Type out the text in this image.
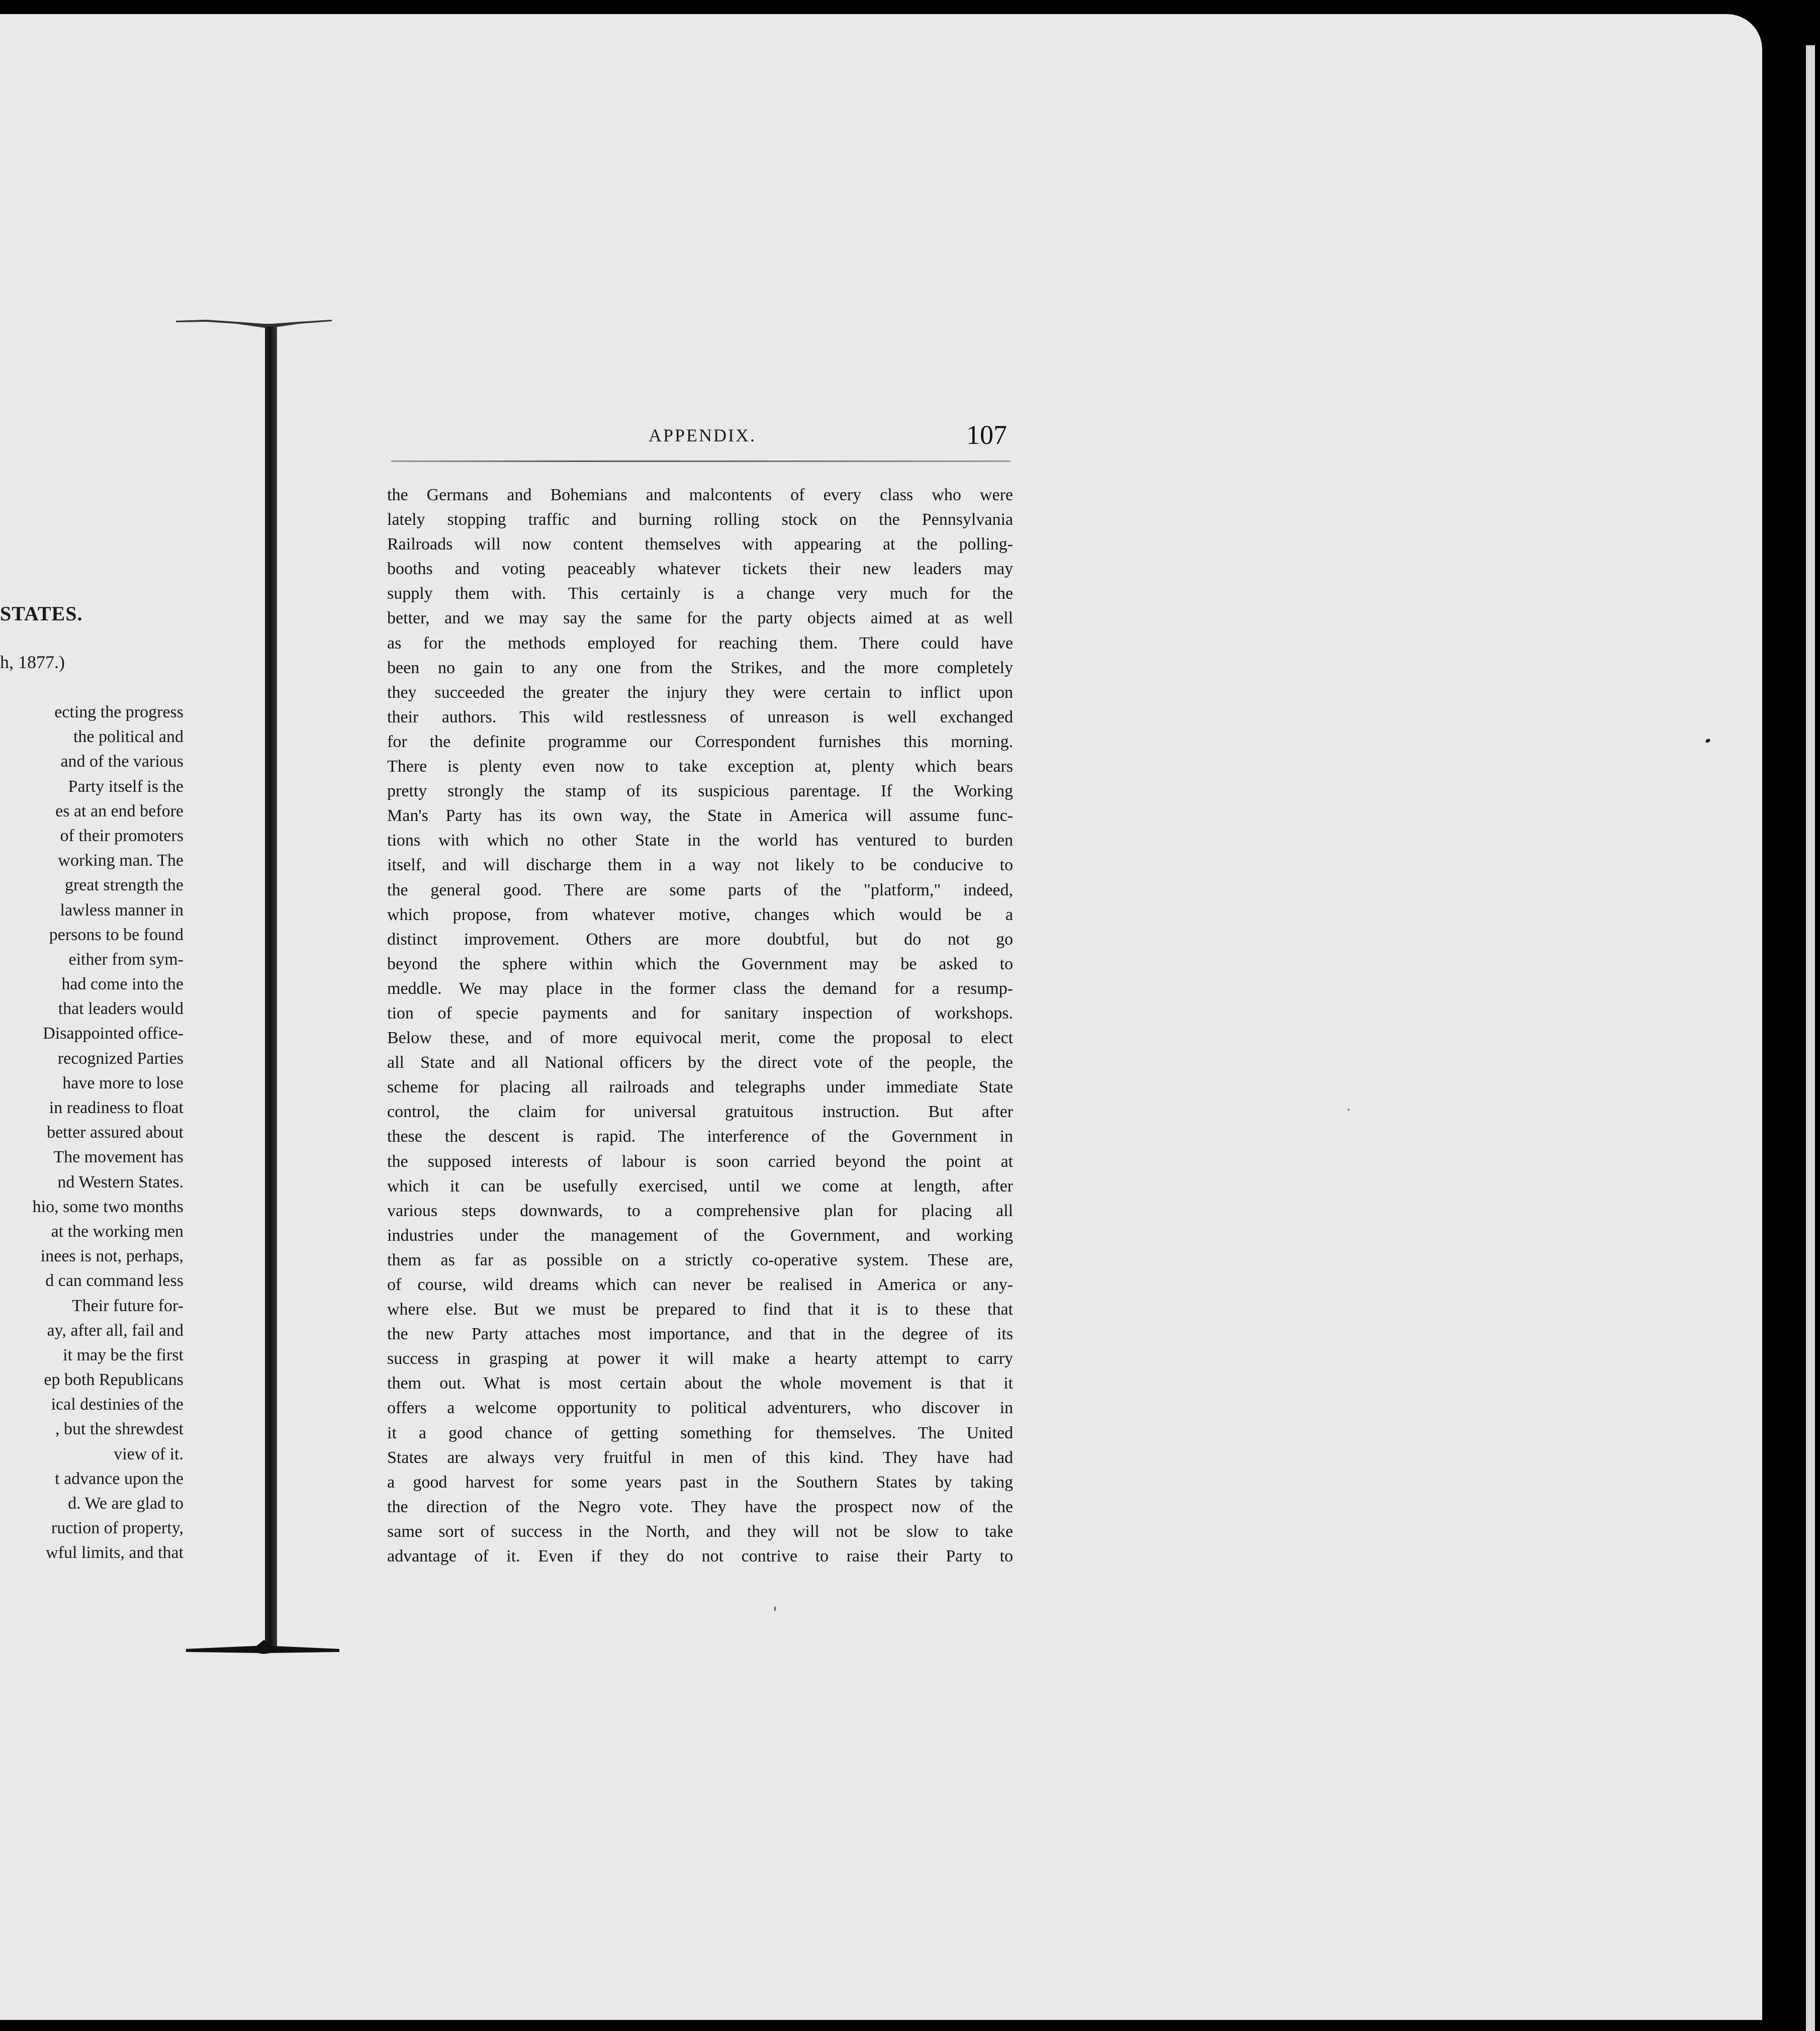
STATES.

h, 1877.)

ecting the progress
the political and
and of the various
Party itself is the
es at an end before
of their promoters
working man. The
great strength the
lawless manner in
persons to be found
either from sym-
had come into the
that leaders would
Disappointed office-
recognized Parties
have more to lose
in readiness to float
better assured about
The movement has
nd Western States.
hio, some two months
at the working men
inees is not, perhaps,
d can command less
Their future for-
ay, after all, fail and
it may be the first
ep both Republicans
ical destinies of the
, but the shrewdest
view of it.
t advance upon the
d. We are glad to
ruction of property,
wful limits, and that

APPENDIX.	107

the Germans and Bohemians and malcontents of every class who were
lately stopping traffic and burning rolling stock on the Pennsylvania
Railroads will now content themselves with appearing at the polling-
booths and voting peaceably whatever tickets their new leaders may
supply them with. This certainly is a change very much for the
better, and we may say the same for the party objects aimed at as well
as for the methods employed for reaching them. There could have
been no gain to any one from the Strikes, and the more completely
they succeeded the greater the injury they were certain to inflict upon
their authors. This wild restlessness of unreason is well exchanged
for the definite programme our Correspondent furnishes this morning.
There is plenty even now to take exception at, plenty which bears
pretty strongly the stamp of its suspicious parentage. If the Working
Man's Party has its own way, the State in America will assume func-
tions with which no other State in the world has ventured to burden
itself, and will discharge them in a way not likely to be conducive to
the general good. There are some parts of the "platform," indeed,
which propose, from whatever motive, changes which would be a
distinct improvement. Others are more doubtful, but do not go
beyond the sphere within which the Government may be asked to
meddle. We may place in the former class the demand for a resump-
tion of specie payments and for sanitary inspection of workshops.
Below these, and of more equivocal merit, come the proposal to elect
all State and all National officers by the direct vote of the people, the
scheme for placing all railroads and telegraphs under immediate State
control, the claim for universal gratuitous instruction. But after
these the descent is rapid. The interference of the Government in
the supposed interests of labour is soon carried beyond the point at
which it can be usefully exercised, until we come at length, after
various steps downwards, to a comprehensive plan for placing all
industries under the management of the Government, and working
them as far as possible on a strictly co-operative system. These are,
of course, wild dreams which can never be realised in America or any-
where else. But we must be prepared to find that it is to these that
the new Party attaches most importance, and that in the degree of its
success in grasping at power it will make a hearty attempt to carry
them out. What is most certain about the whole movement is that it
offers a welcome opportunity to political adventurers, who discover in
it a good chance of getting something for themselves. The United
States are always very fruitful in men of this kind. They have had
a good harvest for some years past in the Southern States by taking
the direction of the Negro vote. They have the prospect now of the
same sort of success in the North, and they will not be slow to take
advantage of it. Even if they do not contrive to raise their Party to
